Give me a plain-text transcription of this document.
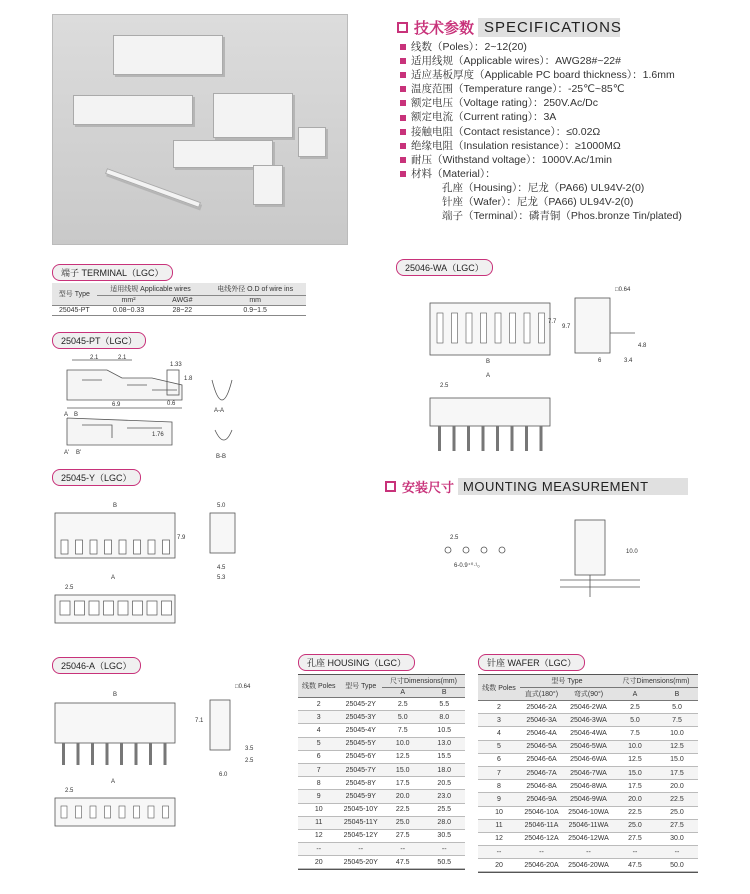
技术参数 SPECIFICATIONS
线数（Poles）：2~12(20)
适用线规（Applicable wires）：AWG28#~22#
适应基板厚度（Applicable PC board thickness）：1.6mm
温度范围（Temperature range）：-25℃~85℃
额定电压（Voltage rating）：250V.Ac/Dc
额定电流（Current rating）：3A
接触电阻（Contact resistance）：≤0.02Ω
绝缘电阻（Insulation resistance）：≥1000MΩ
耐压（Withstand voltage）：1000V.Ac/1min
材料（Material）：
孔座（Housing）：尼龙（PA66) UL94V-2(0)
针座（Wafer）：尼龙（PA66) UL94V-2(0)
端子（Terminal）：磷青铜（Phos.bronze Tin/plated)
端子 TERMINAL（LGC）
型号 Type	适用线规 Applicable wires		电线外径 O.D of wire ins
	mm²	AWG#	mm
25045-PT	0.08~0.33	28~22	0.9~1.5
25045-PT（LGC）
2.1	2.1
1.33
6.9
1.8
0.6
1.76
A B
A' B'
A-A
B-B
25045-Y（LGC）
B
7.9
5.0
4.5
5.3
A
2.5
25046-A（LGC）
B
A
2.5
□0.64
7.1
3.5
2.5
6.0
25046-WA（LGC）
7.7
9.7
□0.64
6	3.4
4.8
B
A
2.5
安装尺寸 MOUNTING MEASUREMENT
2.5
6-0.9⁺⁰·¹₀
10.0
孔座 HOUSING（LGC）
线数 Poles	型号 Type	尺寸Dimensions(mm)	
		A	B
2	25045-2Y	2.5	5.5
3	25045-3Y	5.0	8.0
4	25045-4Y	7.5	10.5
5	25045-5Y	10.0	13.0
6	25045-6Y	12.5	15.5
7	25045-7Y	15.0	18.0
8	25045-8Y	17.5	20.5
9	25045-9Y	20.0	23.0
10	25045-10Y	22.5	25.5
11	25045-11Y	25.0	28.0
12	25045-12Y	27.5	30.5
--	--	--	--
20	25045-20Y	47.5	50.5
针座 WAFER（LGC）
线数 Poles	型号 Type		尺寸Dimensions(mm)	
	直式(180°)	弯式(90°)	A	B
2	25046-2A	25046-2WA	2.5	5.0
3	25046-3A	25046-3WA	5.0	7.5
4	25046-4A	25046-4WA	7.5	10.0
5	25046-5A	25046-5WA	10.0	12.5
6	25046-6A	25046-6WA	12.5	15.0
7	25046-7A	25046-7WA	15.0	17.5
8	25046-8A	25046-8WA	17.5	20.0
9	25046-9A	25046-9WA	20.0	22.5
10	25046-10A	25046-10WA	22.5	25.0
11	25046-11A	25046-11WA	25.0	27.5
12	25046-12A	25046-12WA	27.5	30.0
--	--	--	--	--
20	25046-20A	25046-20WA	47.5	50.0
